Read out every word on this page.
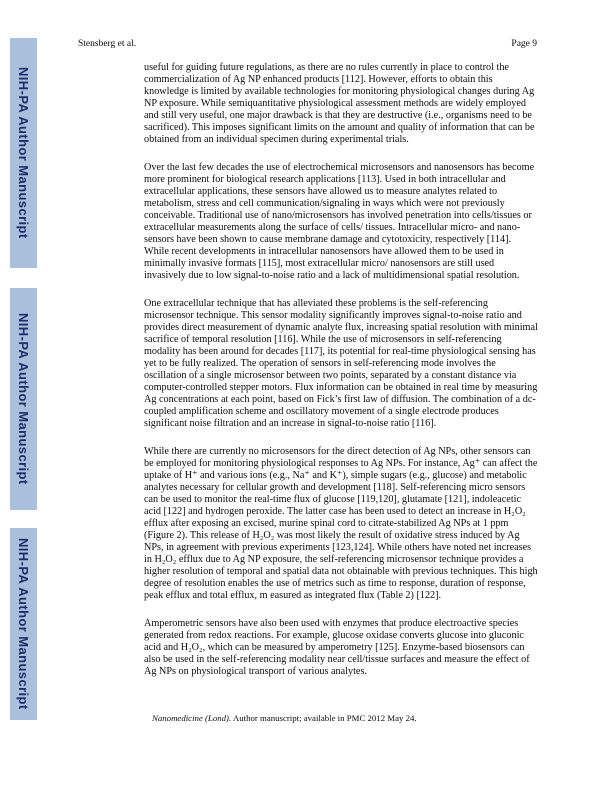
NIH-PA Author Manuscript
NIH-PA Author Manuscript
NIH-PA Author Manuscript
Stensberg et al.	Page 9

useful for guiding future regulations, as there are no rules currently in place to control the commercialization of Ag NP enhanced products [112]. However, efforts to obtain this knowledge is limited by available technologies for monitoring physiological changes during Ag NP exposure. While semiquantitative physiological assessment methods are widely employed and still very useful, one major drawback is that they are destructive (i.e., organisms need to be sacrificed). This imposes significant limits on the amount and quality of information that can be obtained from an individual specimen during experimental trials.

Over the last few decades the use of electrochemical microsensors and nanosensors has become more prominent for biological research applications [113]. Used in both intracellular and extracellular applications, these sensors have allowed us to measure analytes related to metabolism, stress and cell communication/signaling in ways which were not previously conceivable. Traditional use of nano/microsensors has involved penetration into cells/tissues or extracellular measurements along the surface of cells/ tissues. Intracellular micro- and nano-sensors have been shown to cause membrane damage and cytotoxicity, respectively [114]. While recent developments in intracellular nanosensors have allowed them to be used in minimally invasive formats [115], most extracellular micro/ nanosensors are still used invasively due to low signal-to-noise ratio and a lack of multidimensional spatial resolution.

One extracellular technique that has alleviated these problems is the self-referencing microsensor technique. This sensor modality significantly improves signal-to-noise ratio and provides direct measurement of dynamic analyte flux, increasing spatial resolution with minimal sacrifice of temporal resolution [116]. While the use of microsensors in self-referencing modality has been around for decades [117], its potential for real-time physiological sensing has yet to be fully realized. The operation of sensors in self-referencing mode involves the oscillation of a single microsensor between two points, separated by a constant distance via computer-controlled stepper motors. Flux information can be obtained in real time by measuring Ag concentrations at each point, based on Fick’s first law of diffusion. The combination of a dc-coupled amplification scheme and oscillatory movement of a single electrode produces significant noise filtration and an increase in signal-to-noise ratio [116].

While there are currently no microsensors for the direct detection of Ag NPs, other sensors can be employed for monitoring physiological responses to Ag NPs. For instance, Ag⁺ can affect the uptake of H⁺ and various ions (e.g., Na⁺ and K⁺), simple sugars (e.g., glucose) and metabolic analytes necessary for cellular growth and development [118]. Self-referencing micro sensors can be used to monitor the real-time flux of glucose [119,120], glutamate [121], indoleacetic acid [122] and hydrogen peroxide. The latter case has been used to detect an increase in H₂O₂ efflux after exposing an excised, murine spinal cord to citrate-stabilized Ag NPs at 1 ppm (Figure 2). This release of H₂O₂ was most likely the result of oxidative stress induced by Ag NPs, in agreement with previous experiments [123,124]. While others have noted net increases in H₂O₂ efflux due to Ag NP exposure, the self-referencing microsensor technique provides a higher resolution of temporal and spatial data not obtainable with previous techniques. This high degree of resolution enables the use of metrics such as time to response, duration of response, peak efflux and total efflux, m easured as integrated flux (Table 2) [122].

Amperometric sensors have also been used with enzymes that produce electroactive species generated from redox reactions. For example, glucose oxidase converts glucose into gluconic acid and H₂O₂, which can be measured by amperometry [125]. Enzyme-based biosensors can also be used in the self-referencing modality near cell/tissue surfaces and measure the effect of Ag NPs on physiological transport of various analytes.

Nanomedicine (Lond). Author manuscript; available in PMC 2012 May 24.
